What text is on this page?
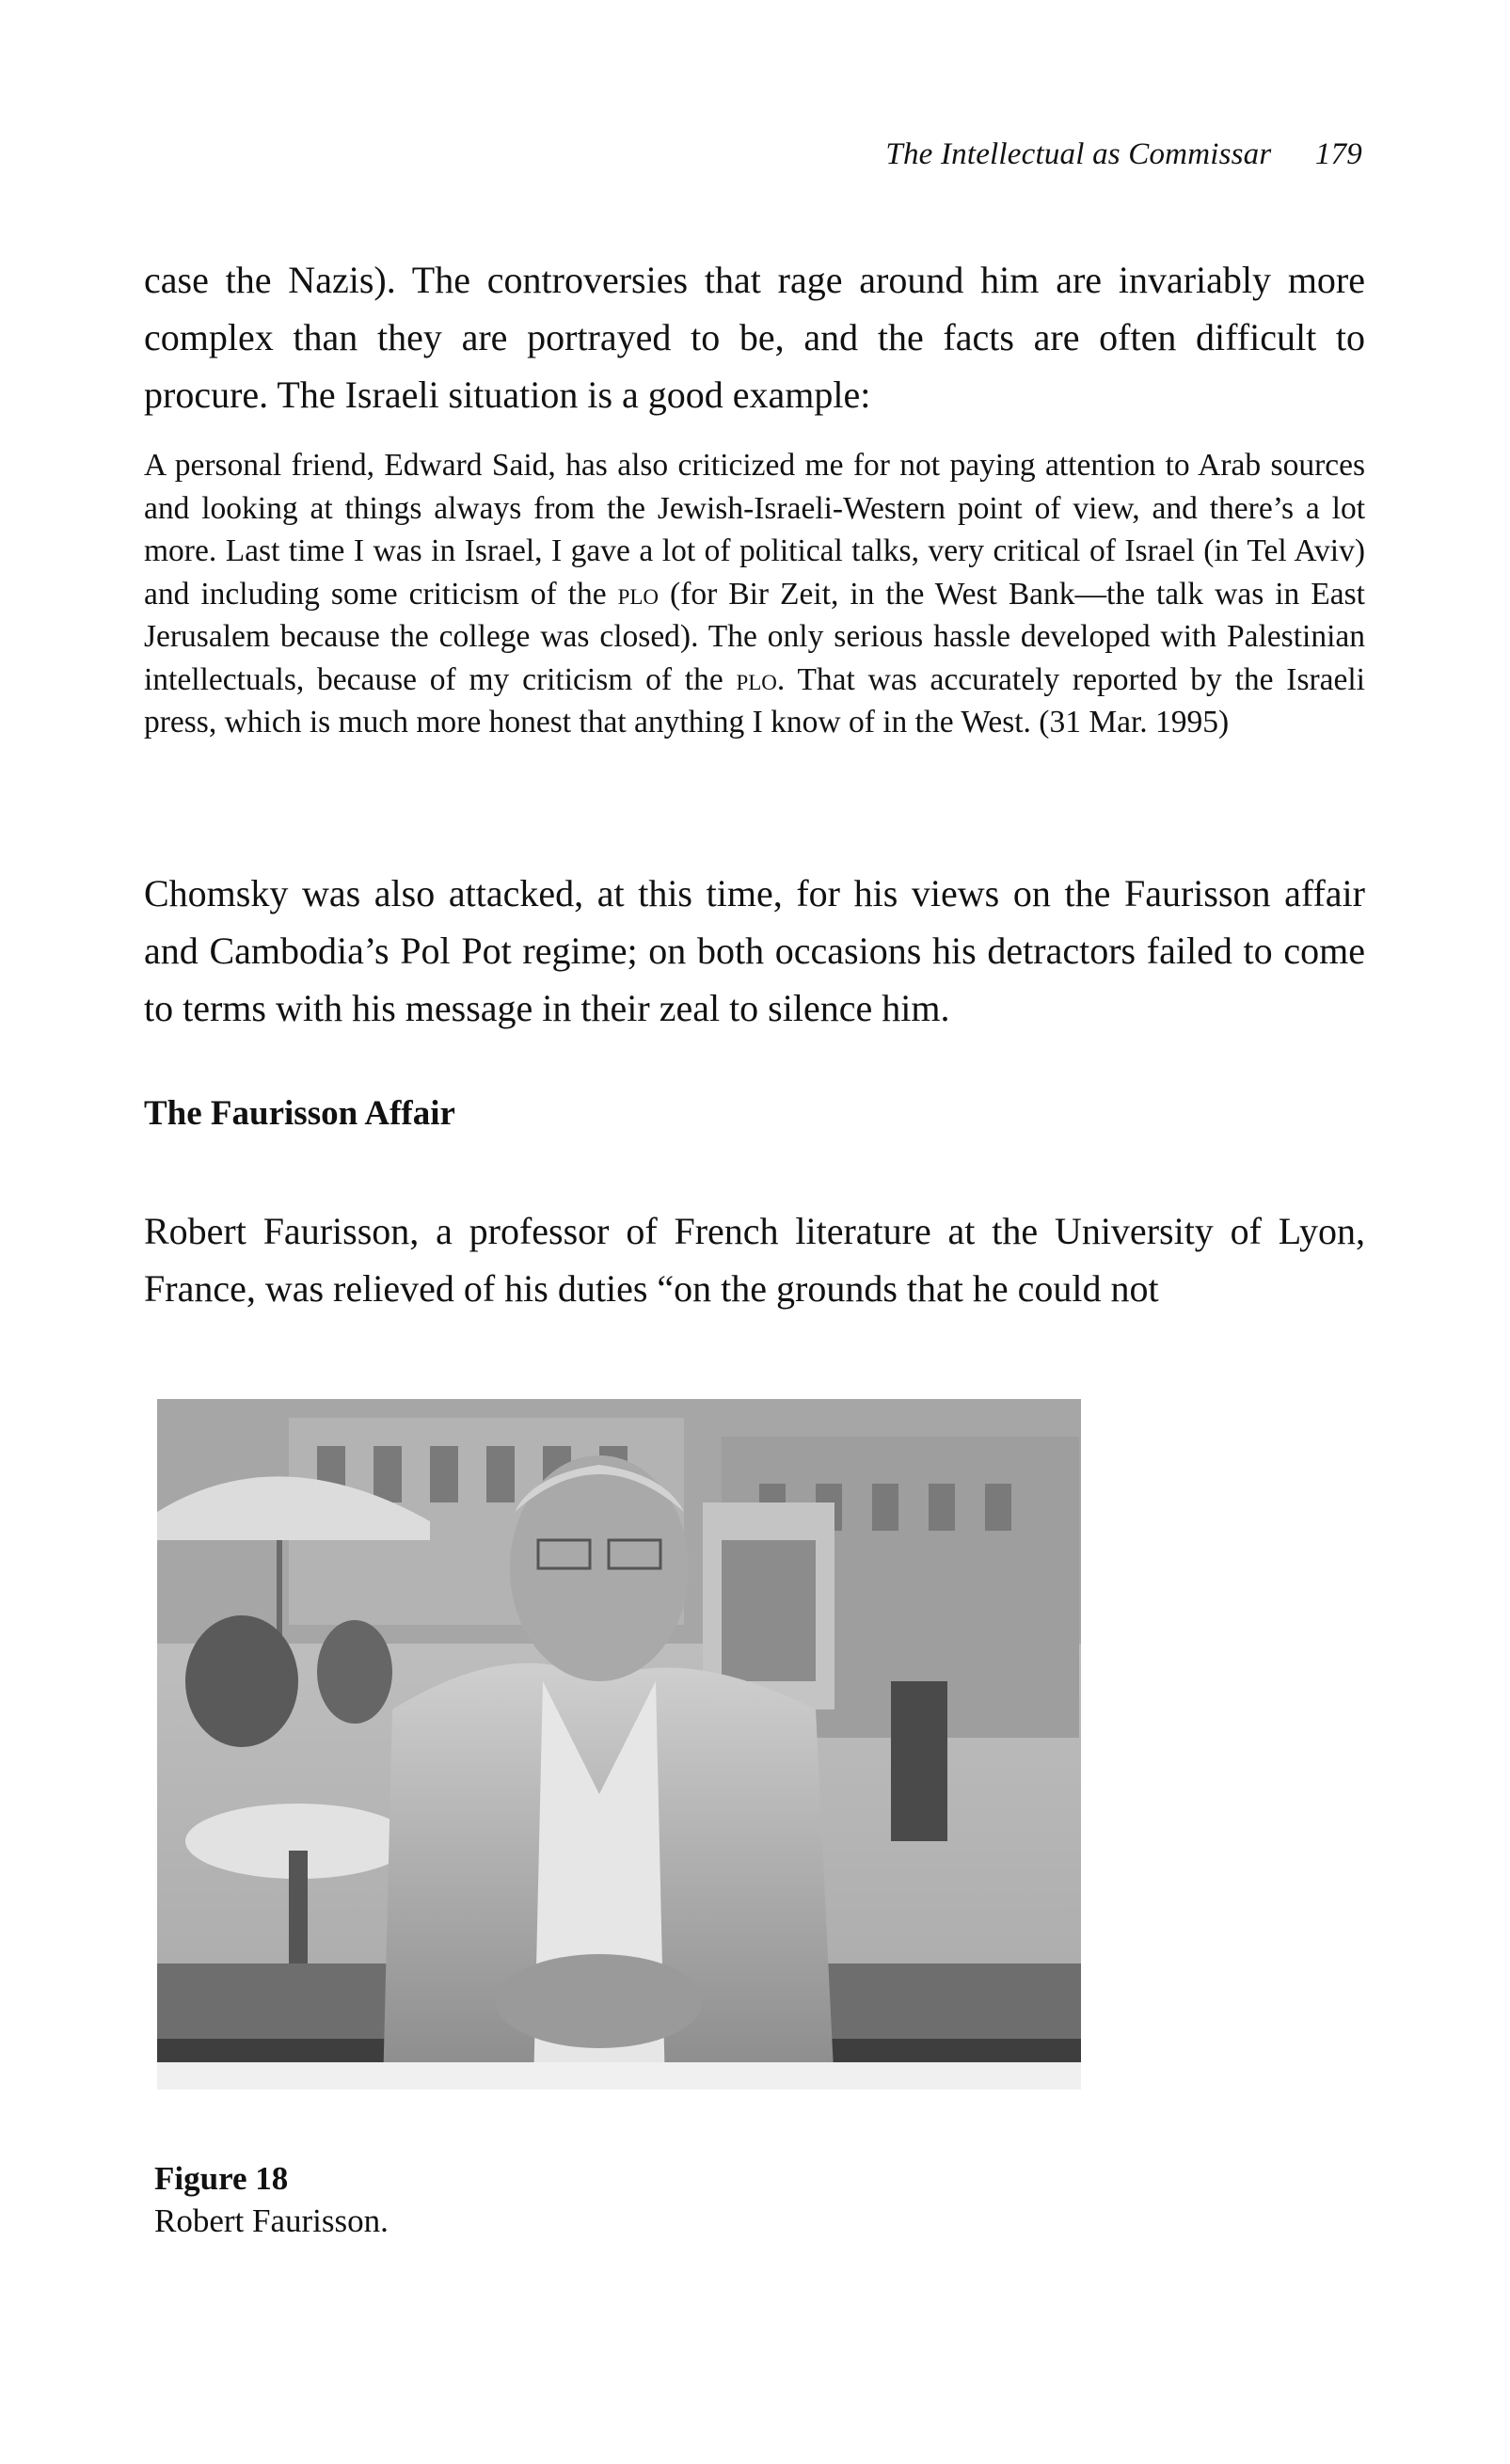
The Intellectual as Commissar 179

case the Nazis). The controversies that rage around him are invariably more complex than they are portrayed to be, and the facts are often difficult to procure. The Israeli situation is a good example:

A personal friend, Edward Said, has also criticized me for not paying attention to Arab sources and looking at things always from the Jewish-Israeli-Western point of view, and there’s a lot more. Last time I was in Israel, I gave a lot of political talks, very critical of Israel (in Tel Aviv) and including some criticism of the plo (for Bir Zeit, in the West Bank—the talk was in East Jerusalem because the college was closed). The only serious hassle developed with Palestinian intellectuals, because of my criticism of the plo. That was accurately reported by the Israeli press, which is much more honest that anything I know of in the West. (31 Mar. 1995)

Chomsky was also attacked, at this time, for his views on the Faurisson affair and Cambodia’s Pol Pot regime; on both occasions his detractors failed to come to terms with his message in their zeal to silence him.

The Faurisson Affair

Robert Faurisson, a professor of French literature at the University of Lyon, France, was relieved of his duties “on the grounds that he could not

Figure 18

Robert Faurisson.
